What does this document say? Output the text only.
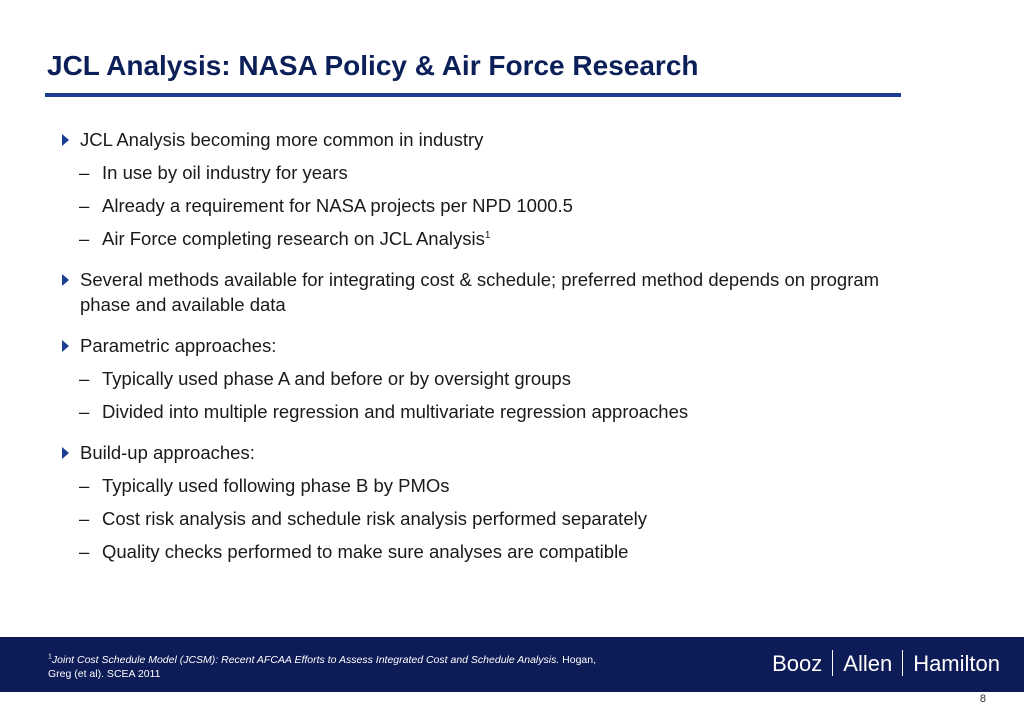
JCL Analysis: NASA Policy & Air Force Research
JCL Analysis becoming more common in industry
– In use by oil industry for years
– Already a requirement for NASA projects per NPD 1000.5
– Air Force completing research on JCL Analysis$^1$
Several methods available for integrating cost & schedule; preferred method depends on program phase and available data
Parametric approaches:
– Typically used phase A and before or by oversight groups
– Divided into multiple regression and multivariate regression approaches
Build-up approaches:
– Typically used following phase B by PMOs
– Cost risk analysis and schedule risk analysis performed separately
– Quality checks performed to make sure analyses are compatible
$^1$Joint Cost Schedule Model (JCSM): Recent AFCAA Efforts to Assess Integrated Cost and Schedule Analysis. Hogan, Greg (et al). SCEA 2011	Booz Allen Hamilton
8
